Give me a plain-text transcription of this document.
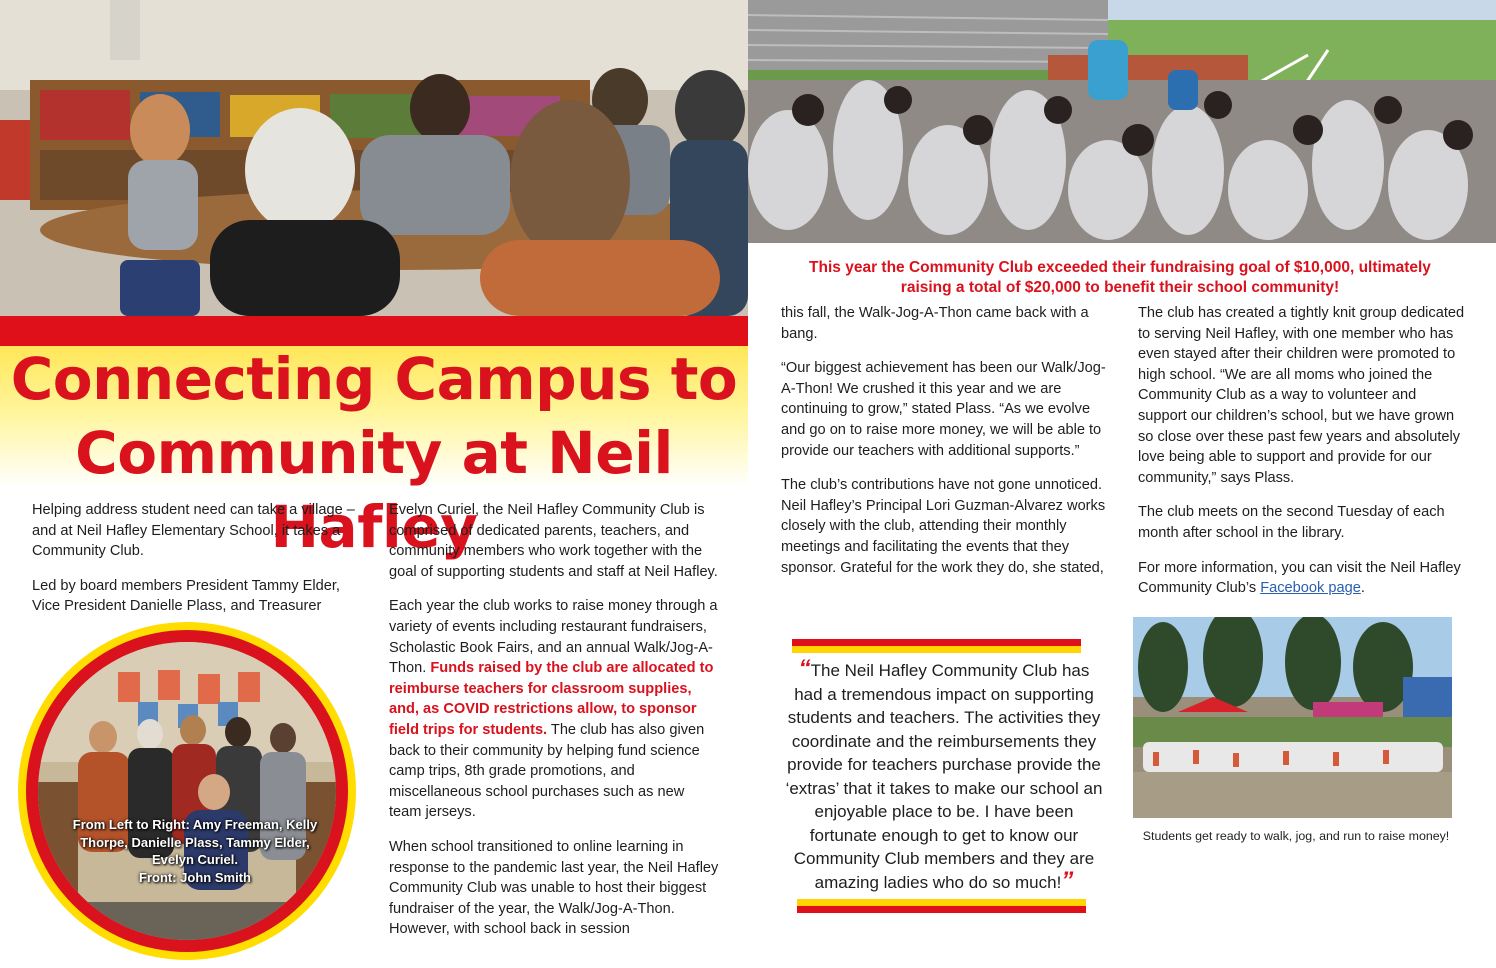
Connecting Campus to
Community at Neil Hafley
This year the Community Club exceeded their fundraising goal of $10,000, ultimately
raising a total of $20,000 to benefit their school community!

Helping address student need can take a village – and at Neil Hafley Elementary School, it takes a Community Club.

Led by board members President Tammy Elder, Vice President Danielle Plass, and Treasurer

From Left to Right: Amy Freeman, Kelly
Thorpe, Danielle Plass, Tammy Elder,
Evelyn Curiel.
Front: John Smith

Evelyn Curiel, the Neil Hafley Community Club is comprised of dedicated parents, teachers, and community members who work together with the goal of supporting students and staff at Neil Hafley.

Each year the club works to raise money through a variety of events including restaurant fundraisers, Scholastic Book Fairs, and an annual Walk/Jog-A-Thon. Funds raised by the club are allocated to reimburse teachers for classroom supplies, and, as COVID restrictions allow, to sponsor field trips for students. The club has also given back to their community by helping fund science camp trips, 8th grade promotions, and miscellaneous school purchases such as new team jerseys.

When school transitioned to online learning in response to the pandemic last year, the Neil Hafley Community Club was unable to host their biggest fundraiser of the year, the Walk/Jog-A-Thon. However, with school back in session

this fall, the Walk-Jog-A-Thon came back with a bang.

“Our biggest achievement has been our Walk/Jog-A-Thon! We crushed it this year and we are continuing to grow,” stated Plass. “As we evolve and go on to raise more money, we will be able to provide our teachers with additional supports.”

The club’s contributions have not gone unnoticed. Neil Hafley’s Principal Lori Guzman-Alvarez works closely with the club, attending their monthly meetings and facilitating the events that they sponsor. Grateful for the work they do, she stated,

“The Neil Hafley Community Club has had a tremendous impact on supporting students and teachers. The activities they coordinate and the reimbursements they provide for teachers purchase provide the ‘extras’ that it takes to make our school an enjoyable place to be. I have been fortunate enough to get to know our Community Club members and they are amazing ladies who do so much!”

The club has created a tightly knit group dedicated to serving Neil Hafley, with one member who has even stayed after their children were promoted to high school. “We are all moms who joined the Community Club as a way to volunteer and support our children’s school, but we have grown so close over these past few years and absolutely love being able to support and provide for our community,” says Plass.

The club meets on the second Tuesday of each month after school in the library.

For more information, you can visit the Neil Hafley Community Club’s Facebook page.

Students get ready to walk, jog, and run to raise money!
